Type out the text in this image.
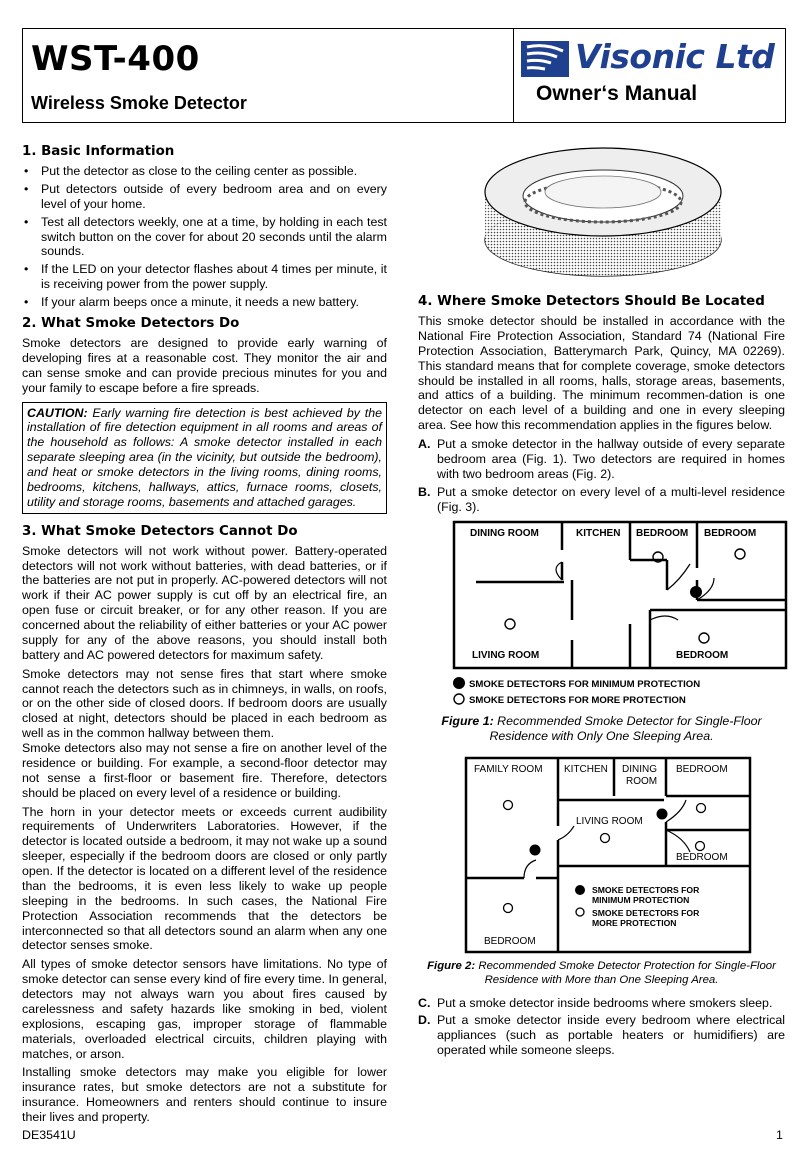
WST-400
Wireless Smoke Detector
Visonic Ltd
Owner‘s Manual
1. Basic Information
• Put the detector as close to the ceiling center as possible.
• Put detectors outside of every bedroom area and on every level of your home.
• Test all detectors weekly, one at a time, by holding in each test switch button on the cover for about 20 seconds until the alarm sounds.
• If the LED on your detector flashes about 4 times per minute, it is receiving power from the power supply.
• If your alarm beeps once a minute, it needs a new battery.
2. What Smoke Detectors Do

Smoke detectors are designed to provide early warning of developing fires at a reasonable cost. They monitor the air and can sense smoke and can provide precious minutes for you and your family to escape before a fire spreads.

CAUTION: Early warning fire detection is best achieved by the installation of fire detection equipment in all rooms and areas of the household as follows: A smoke detector installed in each separate sleeping area (in the vicinity, but outside the bedroom), and heat or smoke detectors in the living rooms, dining rooms, bedrooms, kitchens, hallways, attics, furnace rooms, closets, utility and storage rooms, basements and attached garages.
3. What Smoke Detectors Cannot Do

Smoke detectors will not work without power. Battery-operated detectors will not work without batteries, with dead batteries, or if the batteries are not put in properly. AC-powered detectors will not work if their AC power supply is cut off by an electrical fire, an open fuse or circuit breaker, or for any other reason. If you are concerned about the reliability of either batteries or your AC power supply for any of the above reasons, you should install both battery and AC powered detectors for maximum safety.

Smoke detectors may not sense fires that start where smoke cannot reach the detectors such as in chimneys, in walls, on roofs, or on the other side of closed doors. If bedroom doors are usually closed at night, detectors should be placed in each bedroom as well as in the common hallway between them.

Smoke detectors also may not sense a fire on another level of the residence or building. For example, a second-floor detector may not sense a first-floor or basement fire. Therefore, detectors should be placed on every level of a residence or building.

The horn in your detector meets or exceeds current audibility requirements of Underwriters Laboratories. However, if the detector is located outside a bedroom, it may not wake up a sound sleeper, especially if the bedroom doors are closed or only partly open. If the detector is located on a different level of the residence than the bedrooms, it is even less likely to wake up people sleeping in the bedrooms. In such cases, the National Fire Protection Association recommends that the detectors be interconnected so that all detectors sound an alarm when any one detector senses smoke.

All types of smoke detector sensors have limitations. No type of smoke detector can sense every kind of fire every time. In general, detectors may not always warn you about fires caused by carelessness and safety hazards like smoking in bed, violent explosions, escaping gas, improper storage of flammable materials, overloaded electrical circuits, children playing with matches, or arson.

Installing smoke detectors may make you eligible for lower insurance rates, but smoke detectors are not a substitute for insurance. Homeowners and renters should continue to insure their lives and property.

4. Where Smoke Detectors Should Be Located

This smoke detector should be installed in accordance with the National Fire Protection Association, Standard 74 (National Fire Protection Association, Batterymarch Park, Quincy, MA 02269). This standard means that for complete coverage, smoke detectors should be installed in all rooms, halls, storage areas, basements, and attics of a building. The minimum recommen-dation is one detector on each level of a building and one in every sleeping area. See how this recommendation applies in the figures below.

A. Put a smoke detector in the hallway outside of every separate bedroom area (Fig. 1). Two detectors are required in homes with two bedroom areas (Fig. 2).
B. Put a smoke detector on every level of a multi-level residence (Fig. 3).
DINING ROOM	KITCHEN BEDROOM BEDROOM
LIVING ROOM	BEDROOM
SMOKE DETECTORS FOR MINIMUM PROTECTION
SMOKE DETECTORS FOR MORE PROTECTION
Figure 1: Recommended Smoke Detector for Single-Floor Residence with Only One Sleeping Area.
FAMILY ROOM KITCHEN DINING
ROOM
BEDROOM
LIVING ROOM
BEDROOM
BEDROOM
SMOKE DETECTORS FOR
MINIMUM PROTECTION
SMOKE DETECTORS FOR
MORE PROTECTION
Figure 2: Recommended Smoke Detector Protection for Single-Floor Residence with More than One Sleeping Area.
C. Put a smoke detector inside bedrooms where smokers sleep.
D. Put a smoke detector inside every bedroom where electrical appliances (such as portable heaters or humidifiers) are operated while someone sleeps.
DE3541U	1
